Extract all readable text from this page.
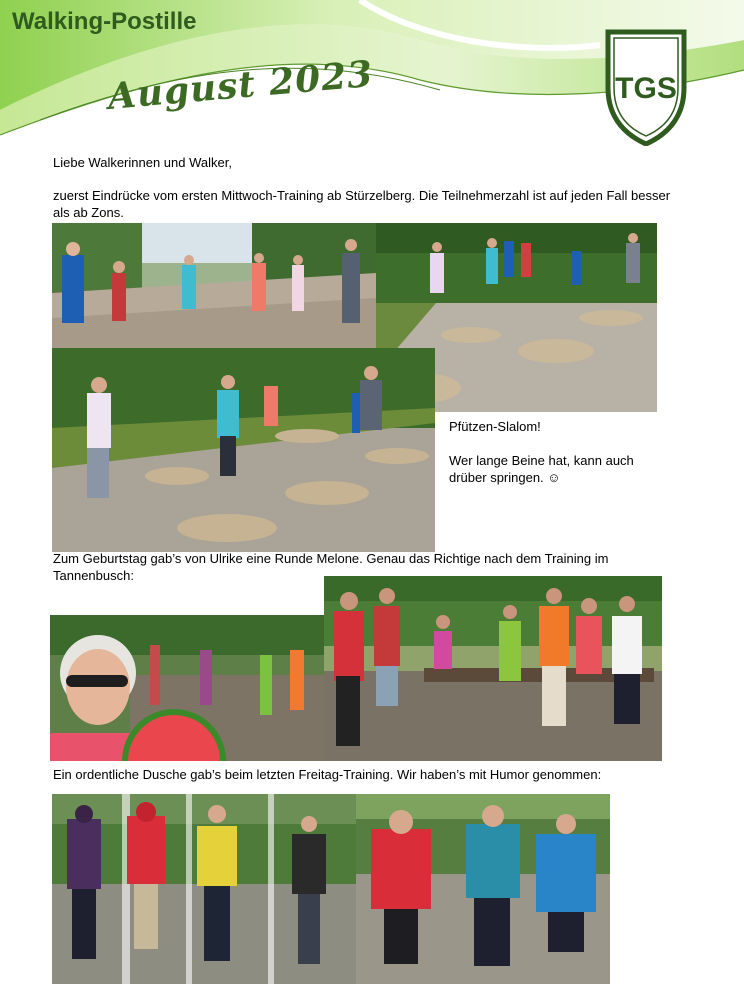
Walking-Postille
August 2023	TGS

Liebe Walkerinnen und Walker,

zuerst Eindrücke vom ersten Mittwoch-Training ab Stürzelberg. Die Teilnehmerzahl ist auf jeden Fall besser als ab Zons.

Pfützen-Slalom!

Wer lange Beine hat, kann auch drüber springen. ☺

Zum Geburtstag gab’s von Ulrike eine Runde Melone. Genau das Richtige nach dem Training im Tannenbusch:

Ein ordentliche Dusche gab’s beim letzten Freitag-Training. Wir haben’s mit Humor genommen:
